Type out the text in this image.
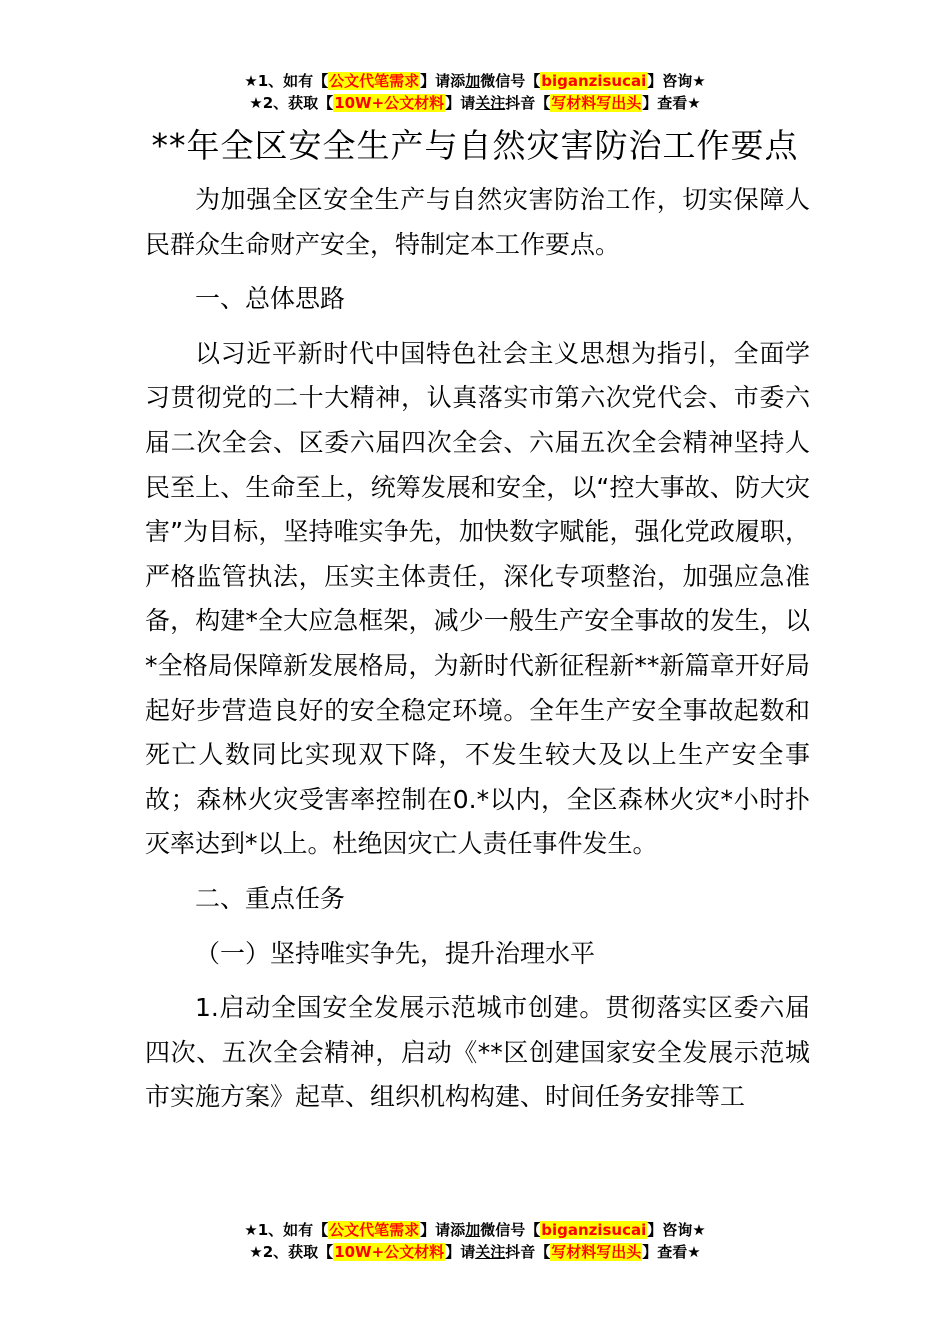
★1、如有【公文代笔需求】请添加微信号【biganzisucai】咨询★
★2、获取【10W+公文材料】请关注抖音【写材料写出头】查看★
**年全区安全生产与自然灾害防治工作要点

为加强全区安全生产与自然灾害防治工作，切实保障人民群众生命财产安全，特制定本工作要点。

一、总体思路

以习近平新时代中国特色社会主义思想为指引，全面学习贯彻党的二十大精神，认真落实市第六次党代会、市委六届二次全会、区委六届四次全会、六届五次全会精神坚持人民至上、生命至上，统筹发展和安全，以“控大事故、防大灾害”为目标，坚持唯实争先，加快数字赋能，强化党政履职，严格监管执法，压实主体责任，深化专项整治，加强应急准备，构建*全大应急框架，减少一般生产安全事故的发生，以*全格局保障新发展格局，为新时代新征程新**新篇章开好局起好步营造良好的安全稳定环境。全年生产安全事故起数和死亡人数同比实现双下降，不发生较大及以上生产安全事故；森林火灾受害率控制在0.*以内，全区森林火灾*小时扑灭率达到*以上。杜绝因灾亡人责任事件发生。

二、重点任务

（一）坚持唯实争先，提升治理水平

1.启动全国安全发展示范城市创建。贯彻落实区委六届四次、五次全会精神，启动《**区创建国家安全发展示范城市实施方案》起草、组织机构构建、时间任务安排等工

★1、如有【公文代笔需求】请添加微信号【biganzisucai】咨询★
★2、获取【10W+公文材料】请关注抖音【写材料写出头】查看★
